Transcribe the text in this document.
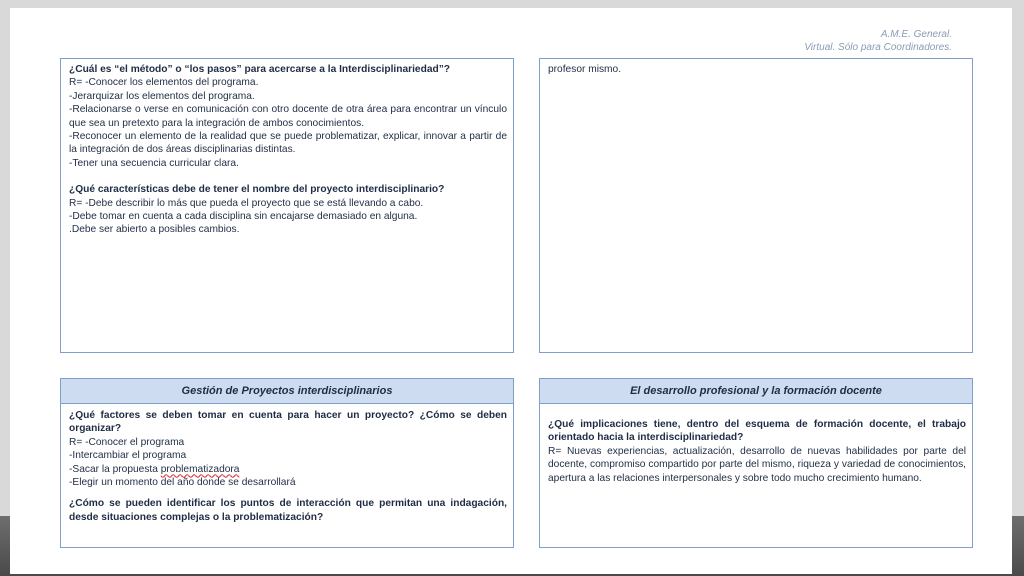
A.M.E. General.
Virtual. Sólo para Coordinadores.

¿Cuál es “el método” o “los pasos” para acercarse a la Interdisciplinariedad”?

R= -Conocer los elementos del programa.

-Jerarquizar los elementos del programa.

-Relacionarse o verse en comunicación con otro docente de otra área para encontrar un vínculo que sea un pretexto para la integración de ambos conocimientos.

-Reconocer un elemento de la realidad que se puede problematizar, explicar, innovar a partir de la integración de dos áreas disciplinarias distintas.

-Tener una secuencia curricular clara.

¿Qué características debe de tener el nombre del proyecto interdisciplinario?

R= -Debe describir lo más que pueda el proyecto que se está llevando a cabo.

-Debe tomar en cuenta a cada disciplina sin encajarse demasiado en alguna.

.Debe ser abierto a posibles cambios.

profesor mismo.

Gestión de Proyectos interdisciplinarios

¿Qué factores se deben tomar en cuenta para hacer un proyecto? ¿Cómo se deben organizar?

R= -Conocer el programa

-Intercambiar el programa

-Sacar la propuesta problematizadora

-Elegir un momento del año donde se desarrollará

¿Cómo se pueden identificar los puntos de interacción que permitan una indagación, desde situaciones complejas o la problematización?

El desarrollo profesional y la formación docente

¿Qué implicaciones tiene, dentro del esquema de formación docente, el trabajo orientado hacia la interdisciplinariedad?

R= Nuevas experiencias, actualización, desarrollo de nuevas habilidades por parte del docente, compromiso compartido por parte del mismo, riqueza y variedad de conocimientos, apertura a las relaciones interpersonales y sobre todo mucho crecimiento humano.
